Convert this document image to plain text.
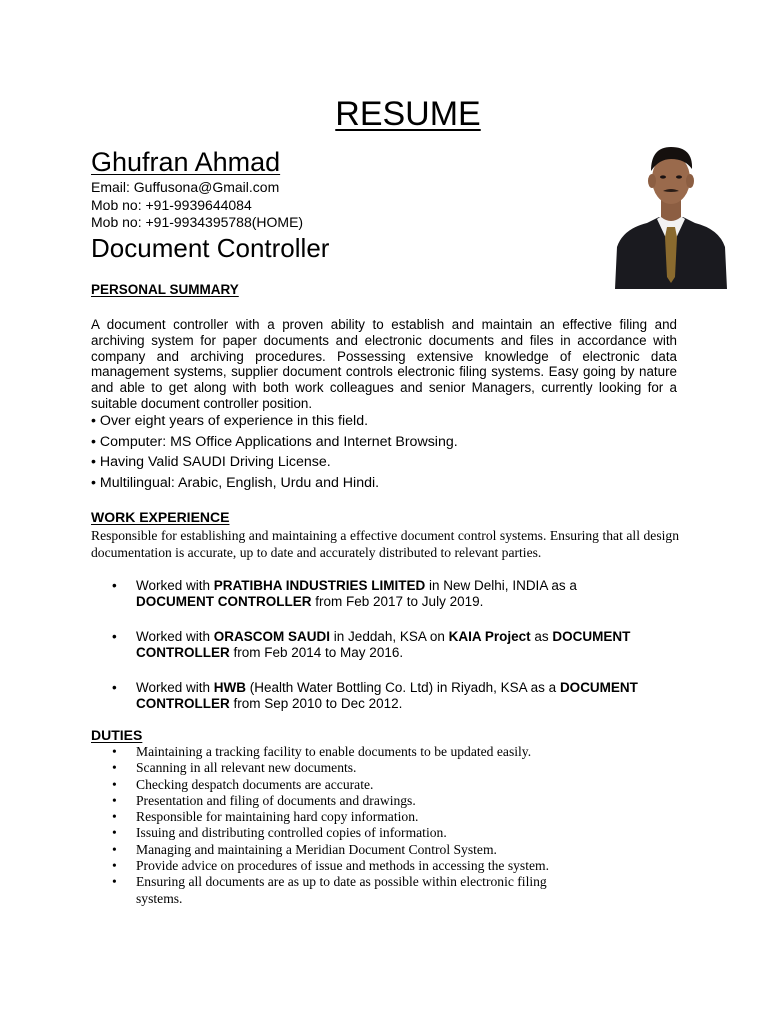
RESUME
Ghufran Ahmad
Email: Guffusona@Gmail.com
Mob no: +91-9939644084
Mob no: +91-9934395788(HOME)
Document Controller
PERSONAL SUMMARY
A document controller with a proven ability to establish and maintain an effective filing and archiving system for paper documents and electronic documents and files in accordance with company and archiving procedures. Possessing extensive knowledge of electronic data management systems, supplier document controls electronic filing systems. Easy going by nature and able to get along with both work colleagues and senior Managers, currently looking for a suitable document controller position.
• Over eight years of experience in this field.
• Computer: MS Office Applications and Internet Browsing.
• Having Valid SAUDI Driving License.
• Multilingual: Arabic, English, Urdu and Hindi.
WORK EXPERIENCE
Responsible for establishing and maintaining a effective document control systems. Ensuring that all design documentation is accurate, up to date and accurately distributed to relevant parties.
• Worked with PRATIBHA INDUSTRIES LIMITED in New Delhi, INDIA as a
DOCUMENT CONTROLLER from Feb 2017 to July 2019.
• Worked with ORASCOM SAUDI in Jeddah, KSA on KAIA Project as DOCUMENT CONTROLLER from Feb 2014 to May 2016.
• Worked with HWB (Health Water Bottling Co. Ltd) in Riyadh, KSA as a DOCUMENT CONTROLLER from Sep 2010 to Dec 2012.
DUTIES
• Maintaining a tracking facility to enable documents to be updated easily.
• Scanning in all relevant new documents.
• Checking despatch documents are accurate.
• Presentation and filing of documents and drawings.
• Responsible for maintaining hard copy information.
• Issuing and distributing controlled copies of information.
• Managing and maintaining a Meridian Document Control System.
• Provide advice on procedures of issue and methods in accessing the system.
• Ensuring all documents are as up to date as possible within electronic filing systems.
